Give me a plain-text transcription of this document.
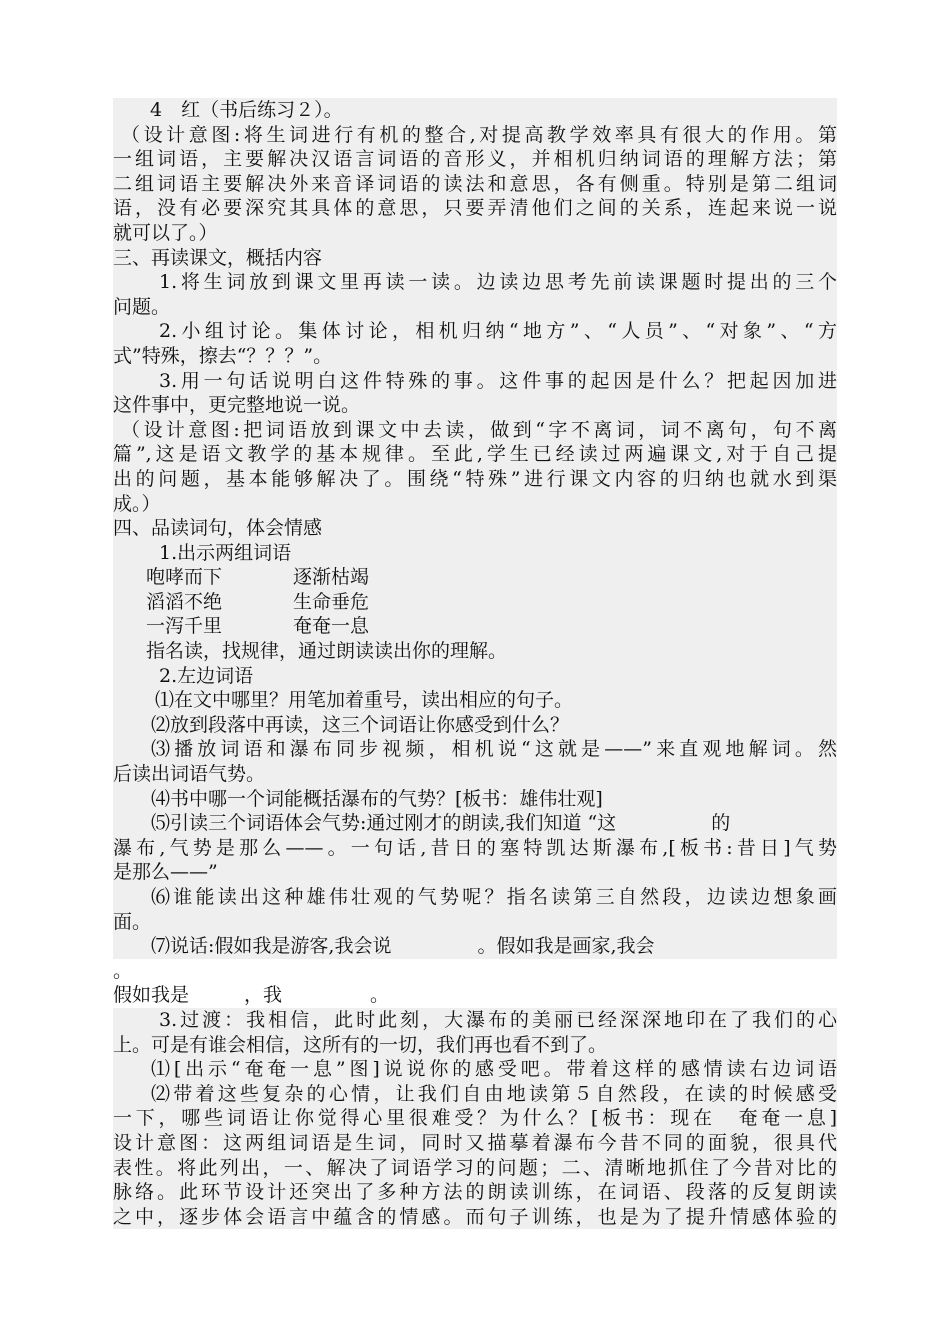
4　红（书后练习２）。
（设计意图:将生词进行有机的整合,对提高教学效率具有很大的作用。第
一组词语，主要解决汉语言词语的音形义，并相机归纳词语的理解方法；第
二组词语主要解决外来音译词语的读法和意思，各有侧重。特别是第二组词
语，没有必要深究其具体的意思，只要弄清他们之间的关系，连起来说一说
就可以了。）
三、再读课文，概括内容
1.将生词放到课文里再读一读。边读边思考先前读课题时提出的三个
问题。
2.小组讨论。集体讨论，相机归纳“地方”、“人员”、“对象”、“方
式”特殊，擦去“？？？”。
3.用一句话说明白这件特殊的事。这件事的起因是什么？把起因加进
这件事中，更完整地说一说。
（设计意图:把词语放到课文中去读，做到“字不离词，词不离句，句不离
篇”,这是语文教学的基本规律。至此,学生已经读过两遍课文,对于自己提
出的问题，基本能够解决了。围绕“特殊”进行课文内容的归纳也就水到渠
成。）
四、品读词句，体会情感
1.出示两组词语
咆哮而下	逐渐枯竭
滔滔不绝	生命垂危
一泻千里	奄奄一息
指名读，找规律，通过朗读读出你的理解。
2.左边词语
⑴在文中哪里？用笔加着重号，读出相应的句子。
⑵放到段落中再读，这三个词语让你感受到什么？
⑶播放词语和瀑布同步视频，相机说“这就是——”来直观地解词。然
后读出词语气势。
⑷书中哪一个词能概括瀑布的气势？[板书：雄伟壮观]
⑸引读三个词语体会气势:通过刚才的朗读,我们知道 “这	的
瀑布,气势是那么——。一句话,昔日的塞特凯达斯瀑布,[板书:昔日]气势
是那么——”
⑹谁能读出这种雄伟壮观的气势呢？指名读第三自然段，边读边想象画
面。
⑺说话:假如我是游客,我会说	。假如我是画家,我会
。
假如我是	，我	。
3.过渡：我相信，此时此刻，大瀑布的美丽已经深深地印在了我们的心
上。可是有谁会相信，这所有的一切，我们再也看不到了。
⑴[出示“奄奄一息”图]说说你的感受吧。带着这样的感情读右边词语
⑵带着这些复杂的心情，让我们自由地读第５自然段，在读的时候感受
一下，哪些词语让你觉得心里很难受？为什么？[板书：现在　奄奄一息]
设计意图：这两组词语是生词，同时又描摹着瀑布今昔不同的面貌，很具代
表性。将此列出，一、解决了词语学习的问题；二、清晰地抓住了今昔对比的
脉络。此环节设计还突出了多种方法的朗读训练，在词语、段落的反复朗读
之中，逐步体会语言中蕴含的情感。而句子训练，也是为了提升情感体验的
